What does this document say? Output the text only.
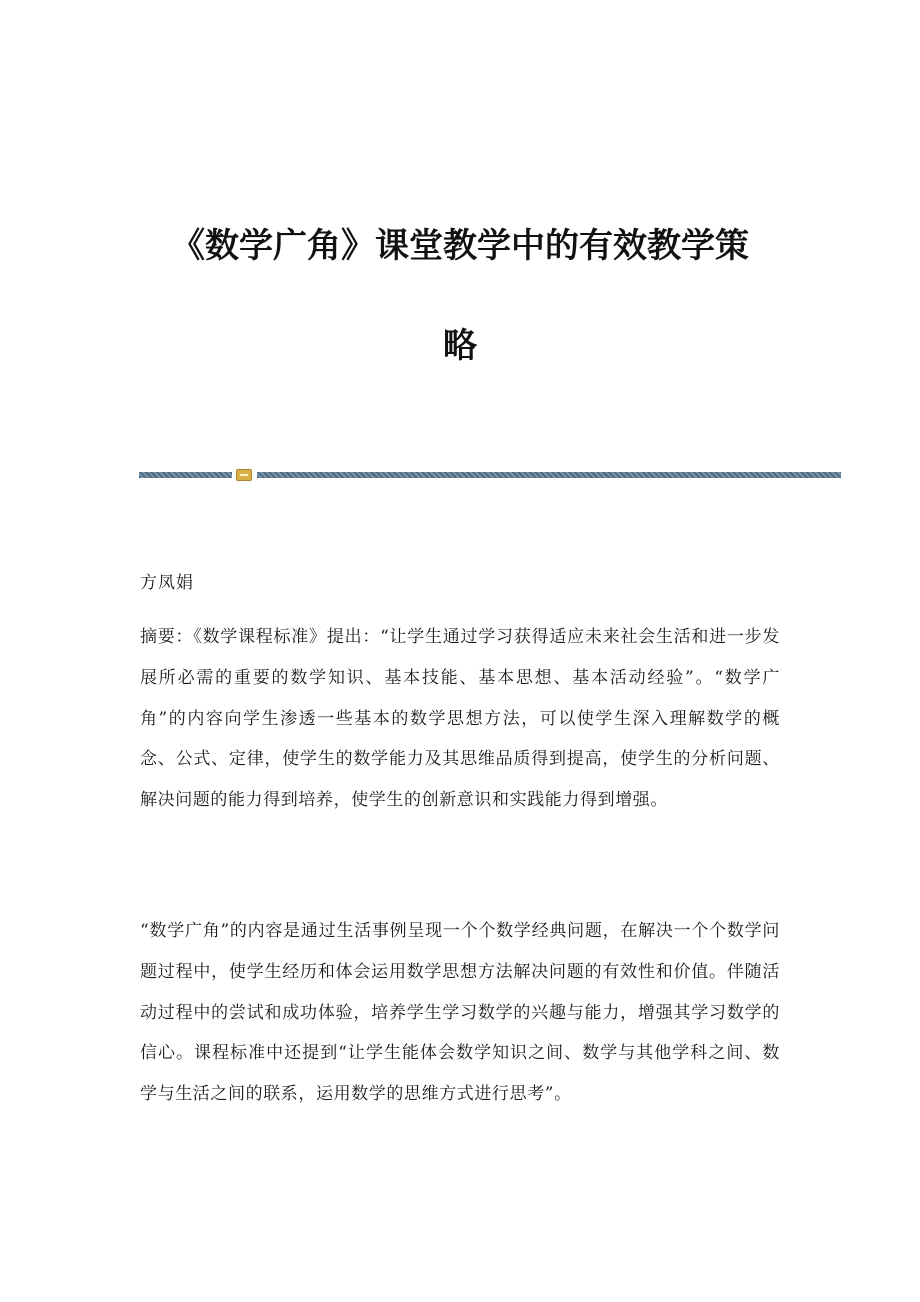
《数学广角》课堂教学中的有效教学策
略
方凤娟
摘要：《数学课程标准》提出：“让学生通过学习获得适应未来社会生活和进一步发展所必需的重要的数学知识、基本技能、基本思想、基本活动经验”。“数学广角”的内容向学生渗透一些基本的数学思想方法，可以使学生深入理解数学的概念、公式、定律，使学生的数学能力及其思维品质得到提高，使学生的分析问题、解决问题的能力得到培养，使学生的创新意识和实践能力得到增强。
“数学广角”的内容是通过生活事例呈现一个个数学经典问题，在解决一个个数学问题过程中，使学生经历和体会运用数学思想方法解决问题的有效性和价值。伴随活动过程中的尝试和成功体验，培养学生学习数学的兴趣与能力，增强其学习数学的信心。课程标准中还提到“让学生能体会数学知识之间、数学与其他学科之间、数学与生活之间的联系，运用数学的思维方式进行思考”。
